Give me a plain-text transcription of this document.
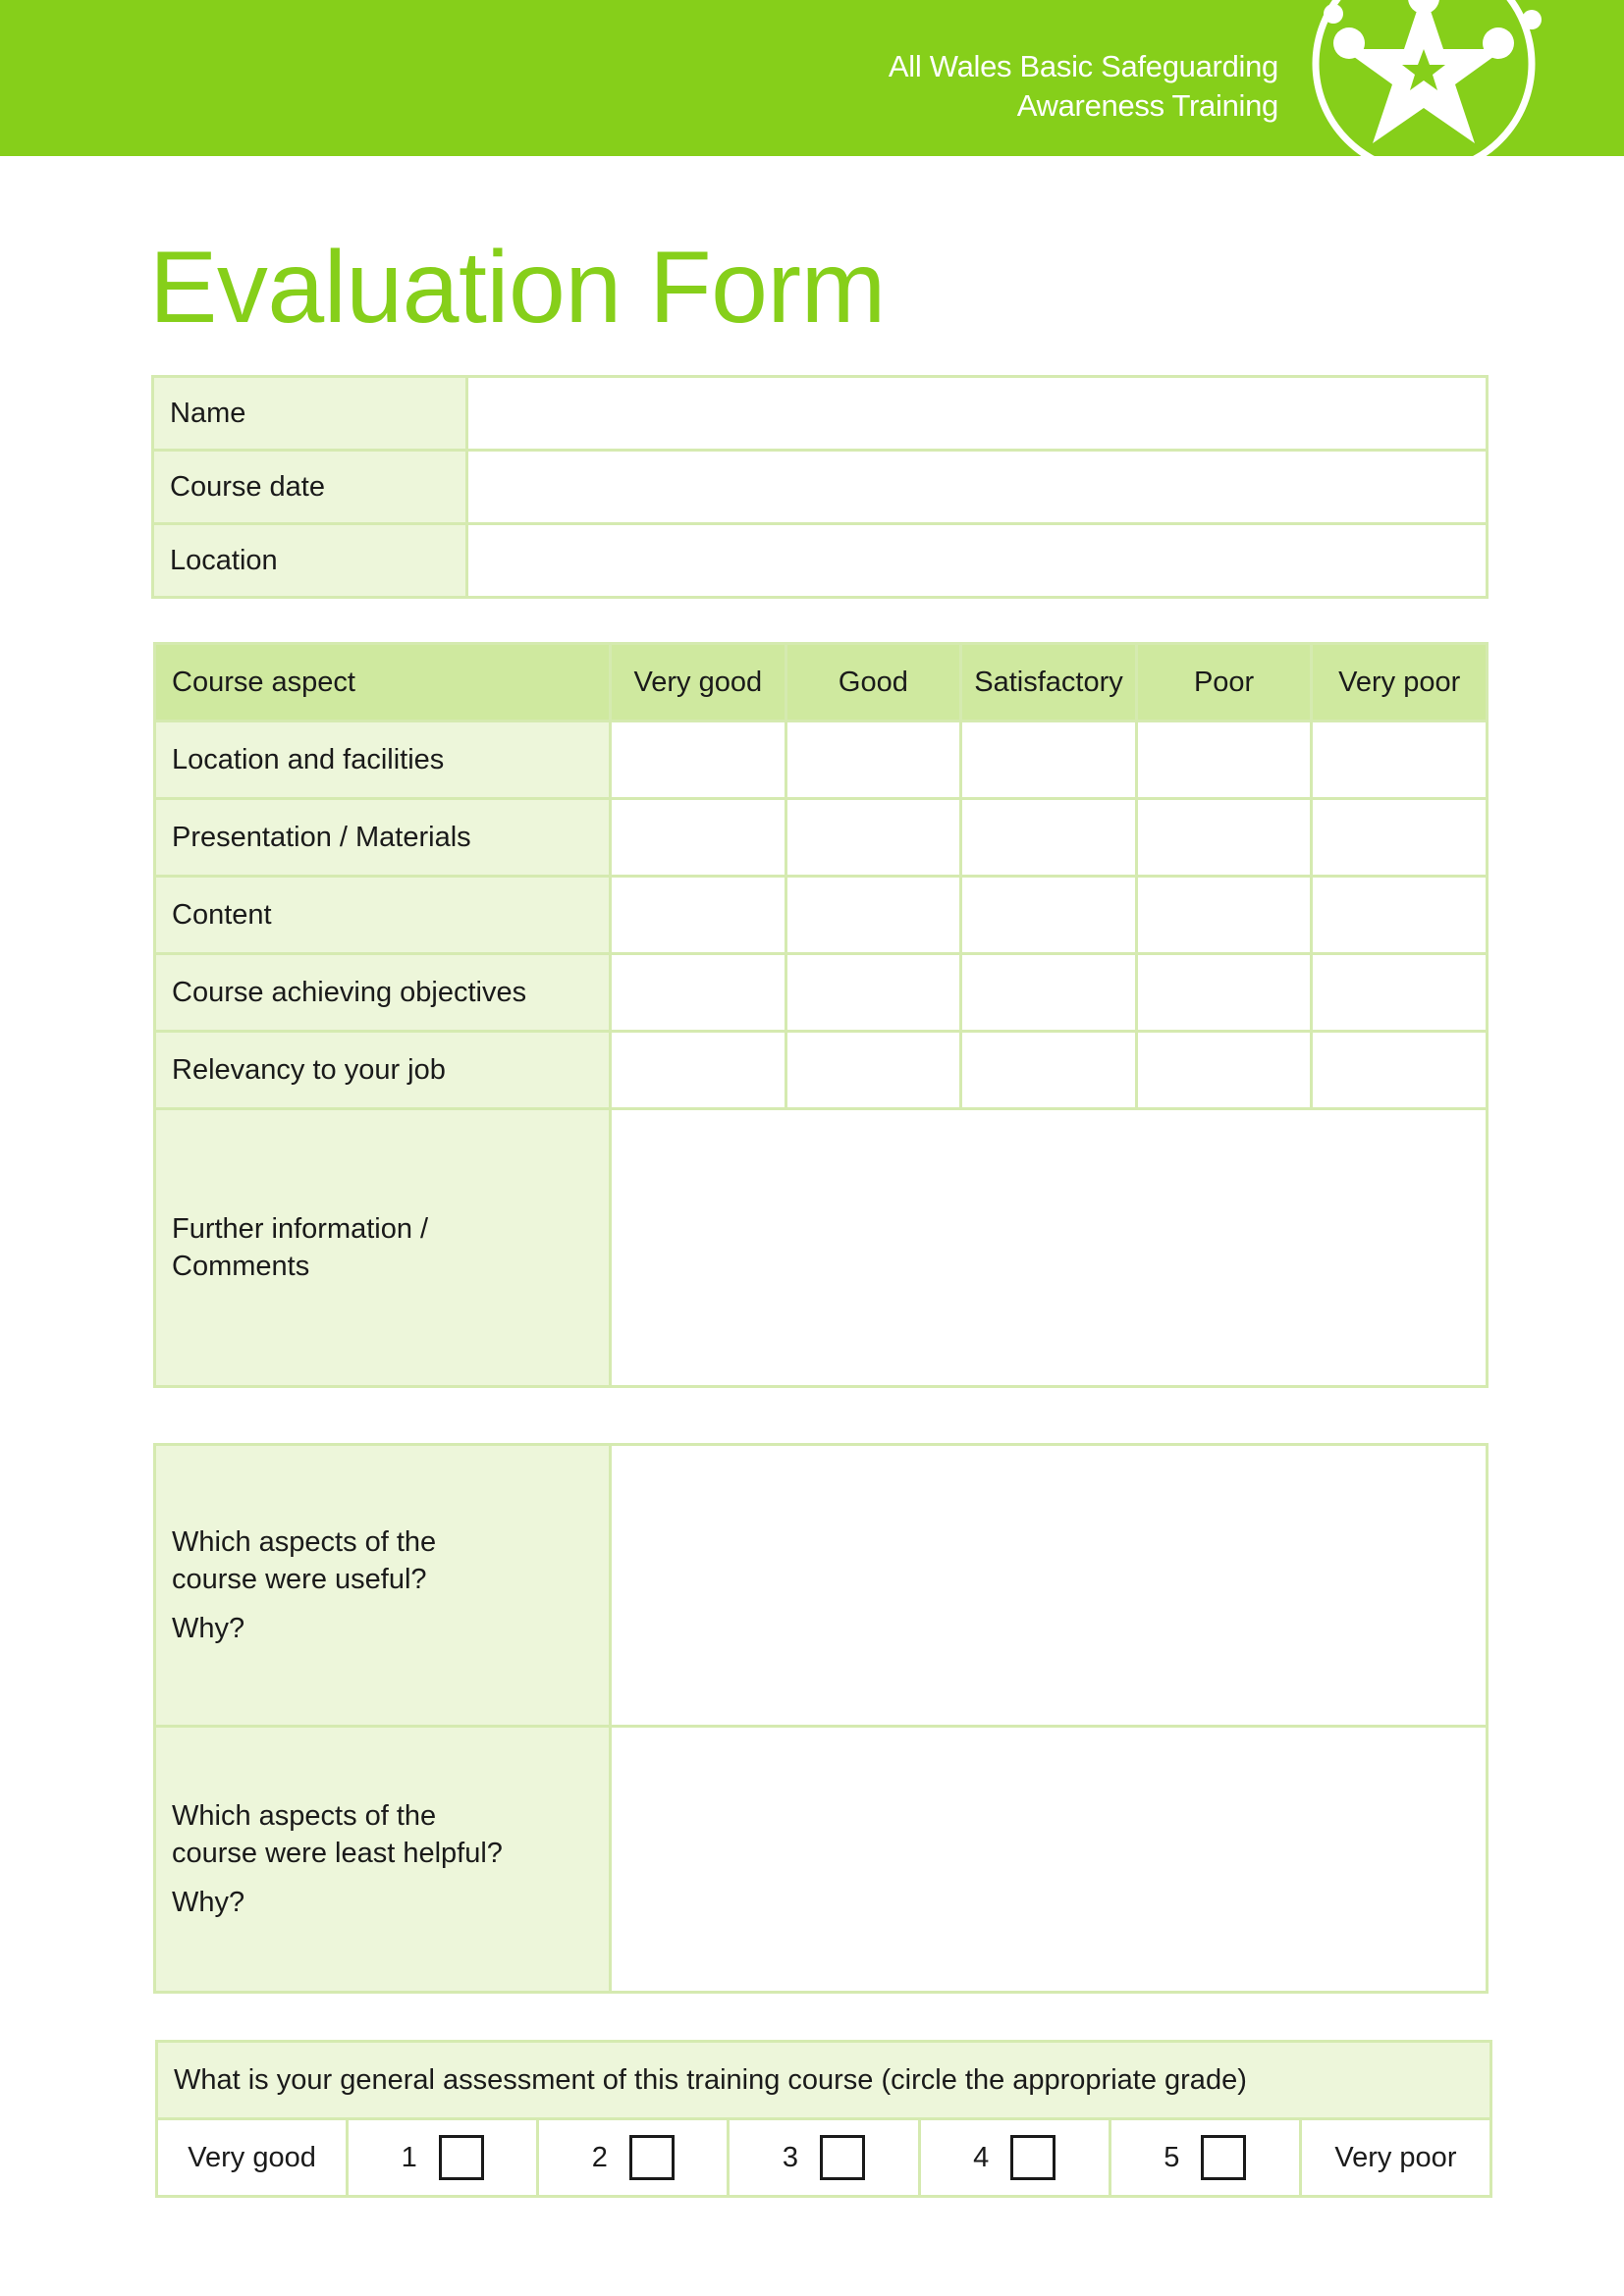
All Wales Basic Safeguarding
Awareness Training
Evaluation Form
Name	
Course date	
Location	
Course aspect	Very good	Good	Satisfactory	Poor	Very poor
Location and facilities					
Presentation / Materials					
Content					
Course achieving objectives					
Relevancy to your job					

Further information /
Comments					

Which aspects of the
course were useful?
Why?	

Which aspects of the
course were least helpful?
Why?	

What is your general assessment of this training course (circle the appropriate grade)
Very good	1	2	3	4	5	Very poor
